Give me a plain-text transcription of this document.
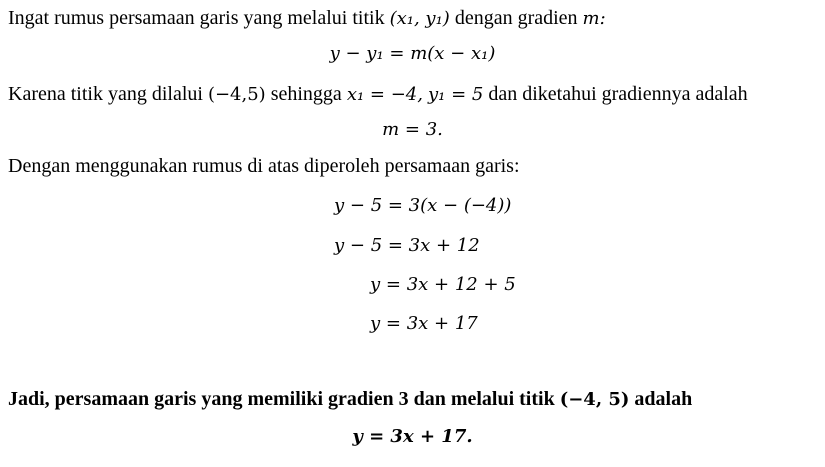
Ingat rumus persamaan garis yang melalui titik (x₁, y₁) dengan gradien m:
y − y₁ = m(x − x₁)
Karena titik yang dilalui (−4,5) sehingga x₁ = −4, y₁ = 5 dan diketahui gradiennya adalah
m = 3.
Dengan menggunakan rumus di atas diperoleh persamaan garis:
y − 5 = 3(x − (−4))
y − 5 = 3x + 12
y = 3x + 12 + 5
y = 3x + 17
Jadi, persamaan garis yang memiliki gradien 3 dan melalui titik (−4, 5) adalah
y = 3x + 17.
